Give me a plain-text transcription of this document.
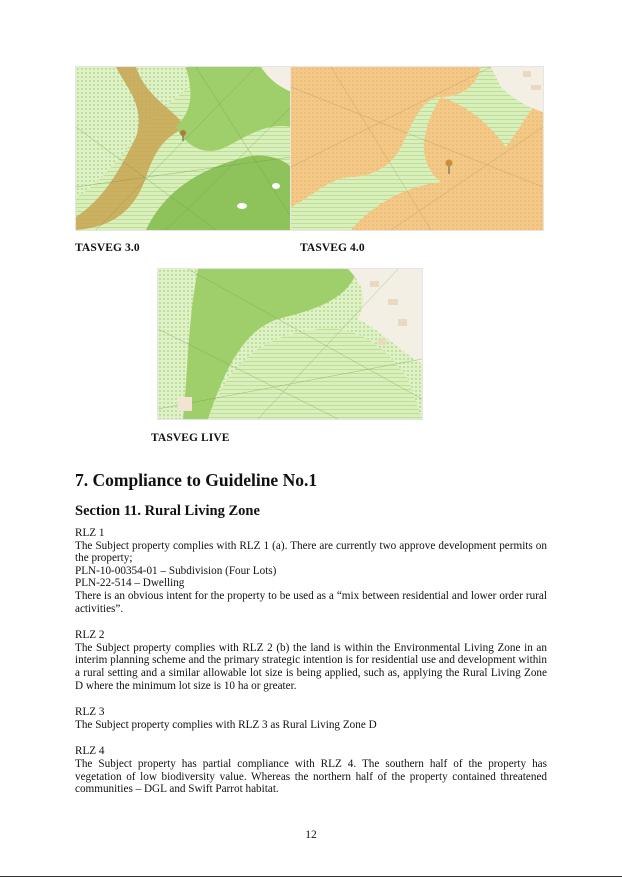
TASVEG 3.0	TASVEG 4.0
TASVEG LIVE
7. Compliance to Guideline No.1
Section 11. Rural Living Zone

RLZ 1

The Subject property complies with RLZ 1 (a). There are currently two approve development permits on the property;

PLN-10-00354-01 – Subdivision (Four Lots)

PLN-22-514 – Dwelling

There is an obvious intent for the property to be used as a “mix between residential and lower order rural activities”.

RLZ 2

The Subject property complies with RLZ 2 (b) the land is within the Environmental Living Zone in an interim planning scheme and the primary strategic intention is for residential use and development within a rural setting and a similar allowable lot size is being applied, such as, applying the Rural Living Zone D where the minimum lot size is 10 ha or greater.

RLZ 3

The Subject property complies with RLZ 3 as Rural Living Zone D

RLZ 4

The Subject property has partial compliance with RLZ 4. The southern half of the property has vegetation of low biodiversity value. Whereas the northern half of the property contained threatened communities – DGL and Swift Parrot habitat.

12
